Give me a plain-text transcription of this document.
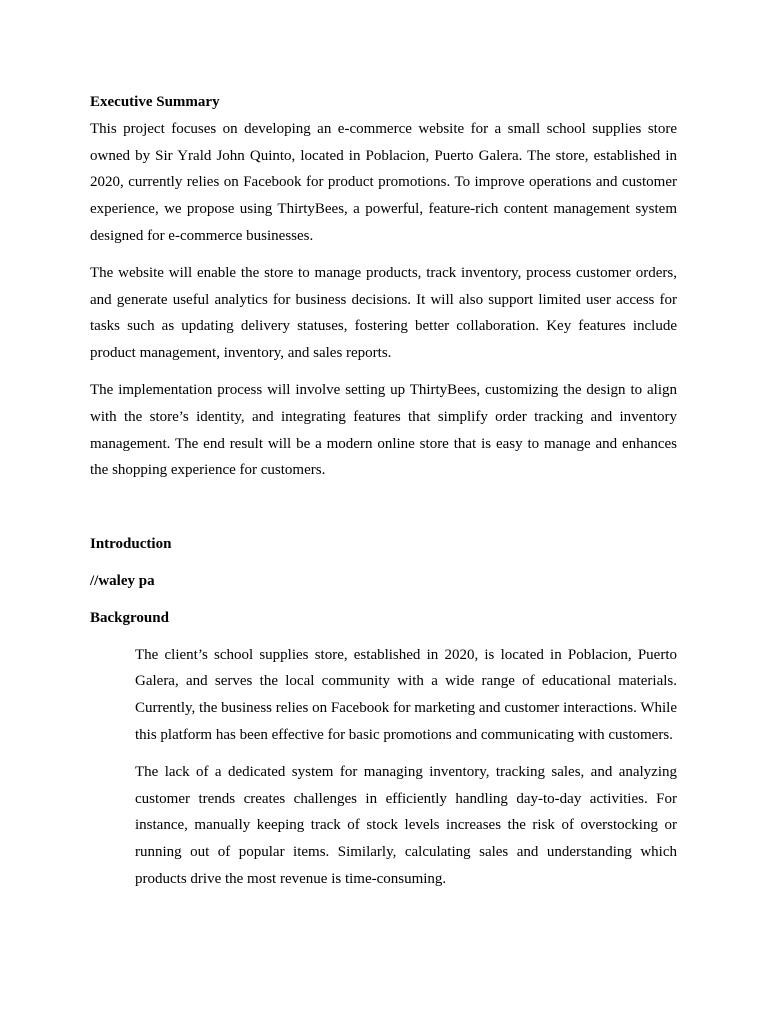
Executive Summary

This project focuses on developing an e-commerce website for a small school supplies store owned by Sir Yrald John Quinto, located in Poblacion, Puerto Galera. The store, established in 2020, currently relies on Facebook for product promotions. To improve operations and customer experience, we propose using ThirtyBees, a powerful, feature-rich content management system designed for e-commerce businesses.

The website will enable the store to manage products, track inventory, process customer orders, and generate useful analytics for business decisions. It will also support limited user access for tasks such as updating delivery statuses, fostering better collaboration. Key features include product management, inventory, and sales reports.

The implementation process will involve setting up ThirtyBees, customizing the design to align with the store’s identity, and integrating features that simplify order tracking and inventory management. The end result will be a modern online store that is easy to manage and enhances the shopping experience for customers.

Introduction

//waley pa

Background

The client’s school supplies store, established in 2020, is located in Poblacion, Puerto Galera, and serves the local community with a wide range of educational materials. Currently, the business relies on Facebook for marketing and customer interactions. While this platform has been effective for basic promotions and communicating with customers.

The lack of a dedicated system for managing inventory, tracking sales, and analyzing customer trends creates challenges in efficiently handling day-to-day activities. For instance, manually keeping track of stock levels increases the risk of overstocking or running out of popular items. Similarly, calculating sales and understanding which products drive the most revenue is time-consuming.
